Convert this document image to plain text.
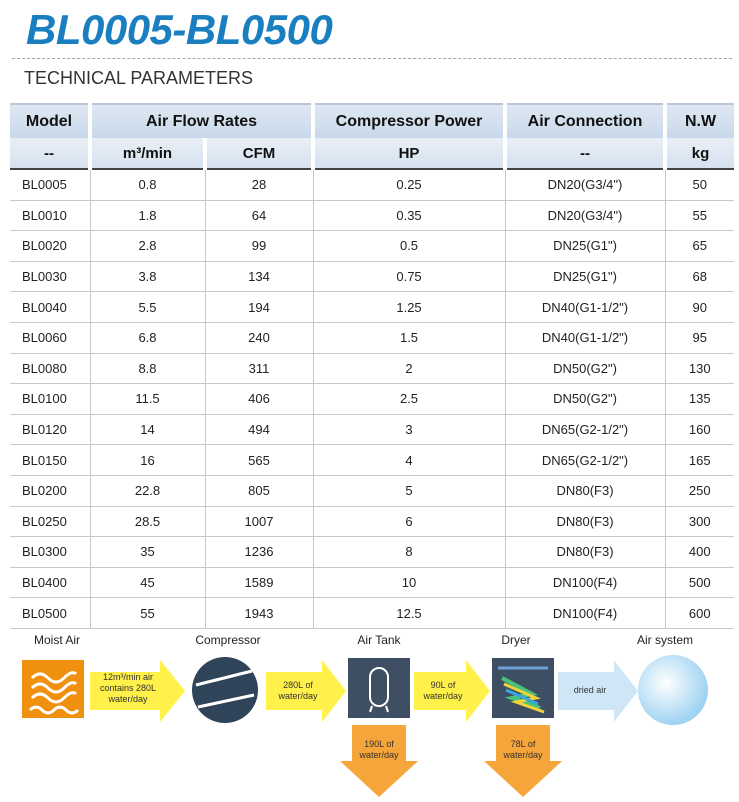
BL0005-BL0500
TECHNICAL PARAMETERS
Model	Air Flow Rates		Compressor Power	Air Connection	N.W
--	m³/min	CFM	HP	--	kg
BL0005	0.8	28	0.25	DN20(G3/4")	50
BL0010	1.8	64	0.35	DN20(G3/4")	55
BL0020	2.8	99	0.5	DN25(G1")	65
BL0030	3.8	134	0.75	DN25(G1")	68
BL0040	5.5	194	1.25	DN40(G1-1/2")	90
BL0060	6.8	240	1.5	DN40(G1-1/2")	95
BL0080	8.8	311	2	DN50(G2")	130
BL0100	11.5	406	2.5	DN50(G2")	135
BL0120	14	494	3	DN65(G2-1/2")	160
BL0150	16	565	4	DN65(G2-1/2")	165
BL0200	22.8	805	5	DN80(F3)	250
BL0250	28.5	1007	6	DN80(F3)	300
BL0300	35	1236	8	DN80(F3)	400
BL0400	45	1589	10	DN100(F4)	500
BL0500	55	1943	12.5	DN100(F4)	600
Moist Air	Compressor	Air Tank	Dryer	Air system
12m³/min air contains 280L water/day
280L of water/day
90L of water/day
dried air
190L of water/day
78L of water/day
